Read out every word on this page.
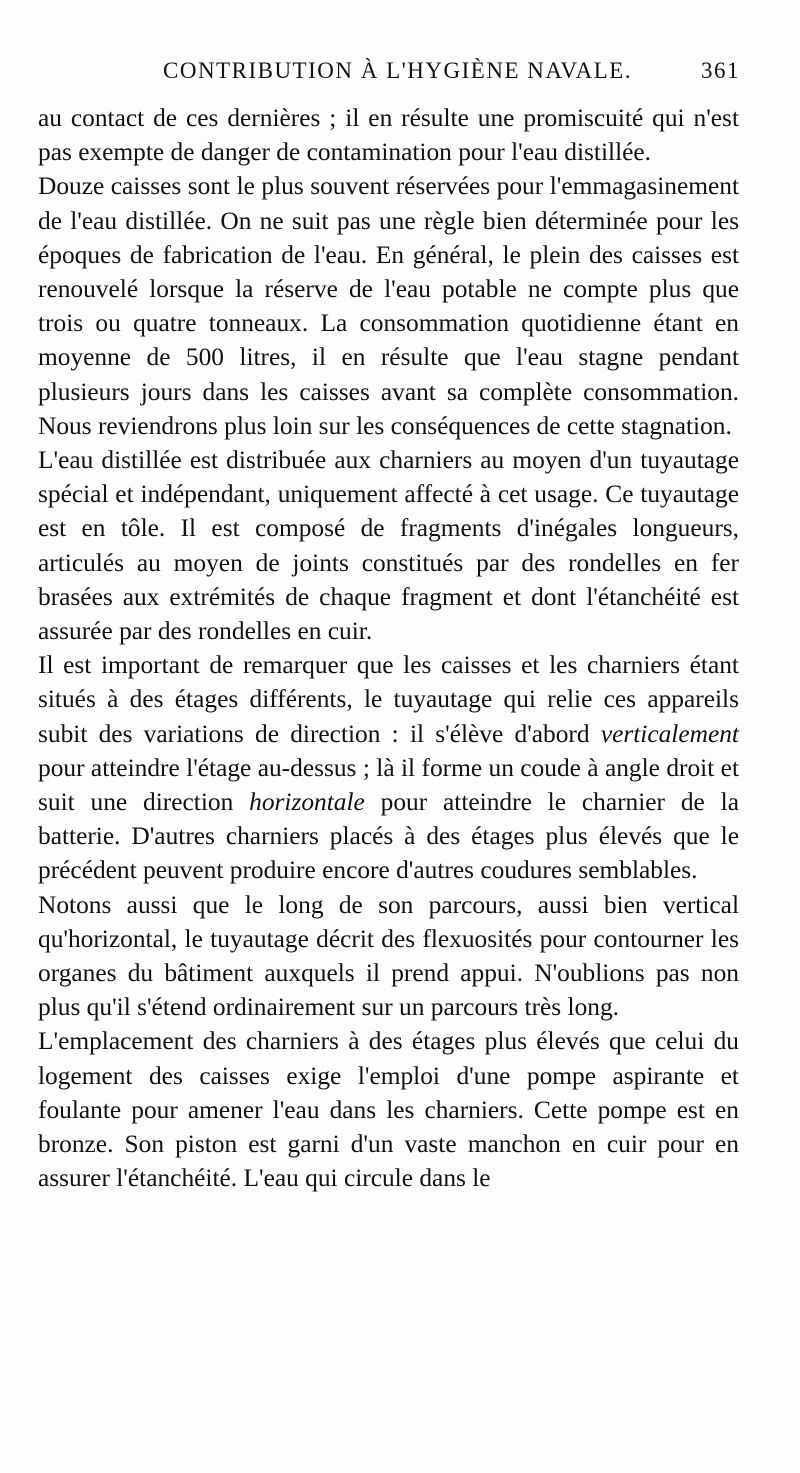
CONTRIBUTION À L'HYGIÈNE NAVALE.	361

au contact de ces dernières ; il en résulte une promiscuité qui n'est pas exempte de danger de contamination pour l'eau distillée.

Douze caisses sont le plus souvent réservées pour l'emmagasinement de l'eau distillée. On ne suit pas une règle bien déterminée pour les époques de fabrication de l'eau. En général, le plein des caisses est renouvelé lorsque la réserve de l'eau potable ne compte plus que trois ou quatre tonneaux. La consommation quotidienne étant en moyenne de 500 litres, il en résulte que l'eau stagne pendant plusieurs jours dans les caisses avant sa complète consommation. Nous reviendrons plus loin sur les conséquences de cette stagnation.

L'eau distillée est distribuée aux charniers au moyen d'un tuyautage spécial et indépendant, uniquement affecté à cet usage. Ce tuyautage est en tôle. Il est composé de fragments d'inégales longueurs, articulés au moyen de joints constitués par des rondelles en fer brasées aux extrémités de chaque fragment et dont l'étanchéité est assurée par des rondelles en cuir.

Il est important de remarquer que les caisses et les charniers étant situés à des étages différents, le tuyautage qui relie ces appareils subit des variations de direction : il s'élève d'abord verticalement pour atteindre l'étage au-dessus ; là il forme un coude à angle droit et suit une direction horizontale pour atteindre le charnier de la batterie. D'autres charniers placés à des étages plus élevés que le précédent peuvent produire encore d'autres coudures semblables.

Notons aussi que le long de son parcours, aussi bien vertical qu'horizontal, le tuyautage décrit des flexuosités pour contourner les organes du bâtiment auxquels il prend appui. N'oublions pas non plus qu'il s'étend ordinairement sur un parcours très long.

L'emplacement des charniers à des étages plus élevés que celui du logement des caisses exige l'emploi d'une pompe aspirante et foulante pour amener l'eau dans les charniers. Cette pompe est en bronze. Son piston est garni d'un vaste manchon en cuir pour en assurer l'étanchéité. L'eau qui circule dans le
